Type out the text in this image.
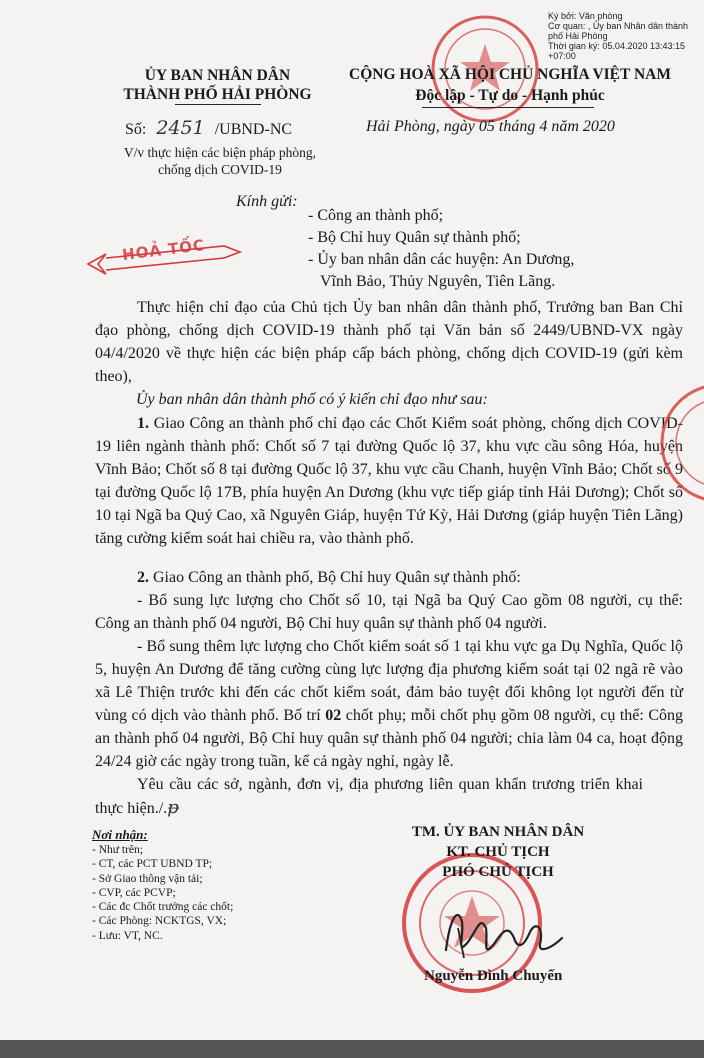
Ký bởi: Văn phòng
Cơ quan: , Ủy ban Nhân dân thành
phố Hải Phòng
Thời gian ký: 05.04.2020 13:43:15
+07:00
ỦY BAN NHÂN DÂN
THÀNH PHỐ HẢI PHÒNG
CỘNG HOÀ XÃ HỘI CHỦ NGHĨA VIỆT NAM
Độc lập - Tự do - Hạnh phúc
Số: 2451 /UBND-NC	Hải Phòng, ngày 05 tháng 4 năm 2020
V/v thực hiện các biện pháp phòng,
chống dịch COVID-19
Kính gửi:
HOẢ TỐC
- Công an thành phố;
- Bộ Chỉ huy Quân sự thành phố;
- Ủy ban nhân dân các huyện: An Dương,
Vĩnh Bảo, Thủy Nguyên, Tiên Lãng.
Thực hiện chỉ đạo của Chủ tịch Ủy ban nhân dân thành phố, Trưởng ban Ban Chỉ đạo phòng, chống dịch COVID-19 thành phố tại Văn bản số 2449/UBND-VX ngày 04/4/2020 về thực hiện các biện pháp cấp bách phòng, chống dịch COVID-19 (gửi kèm theo),
Ủy ban nhân dân thành phố có ý kiến chỉ đạo như sau:
1. Giao Công an thành phố chỉ đạo các Chốt Kiểm soát phòng, chống dịch COVID-19 liên ngành thành phố: Chốt số 7 tại đường Quốc lộ 37, khu vực cầu sông Hóa, huyện Vĩnh Bảo; Chốt số 8 tại đường Quốc lộ 37, khu vực cầu Chanh, huyện Vĩnh Bảo; Chốt số 9 tại đường Quốc lộ 17B, phía huyện An Dương (khu vực tiếp giáp tỉnh Hải Dương); Chốt số 10 tại Ngã ba Quý Cao, xã Nguyên Giáp, huyện Tứ Kỳ, Hải Dương (giáp huyện Tiên Lãng) tăng cường kiểm soát hai chiều ra, vào thành phố.
2. Giao Công an thành phố, Bộ Chỉ huy Quân sự thành phố:
- Bổ sung lực lượng cho Chốt số 10, tại Ngã ba Quý Cao gồm 08 người, cụ thể: Công an thành phố 04 người, Bộ Chỉ huy quân sự thành phố 04 người.
- Bổ sung thêm lực lượng cho Chốt kiểm soát số 1 tại khu vực ga Dụ Nghĩa, Quốc lộ 5, huyện An Dương để tăng cường cùng lực lượng địa phương kiểm soát tại 02 ngã rẽ vào xã Lê Thiện trước khi đến các chốt kiểm soát, đảm bảo tuyệt đối không lọt người đến từ vùng có dịch vào thành phố. Bố trí 02 chốt phụ; mỗi chốt phụ gồm 08 người, cụ thể: Công an thành phố 04 người, Bộ Chỉ huy quân sự thành phố 04 người; chia làm 04 ca, hoạt động 24/24 giờ các ngày trong tuần, kể cả ngày nghỉ, ngày lễ.
Yêu cầu các sở, ngành, đơn vị, địa phương liên quan khẩn trương triển khai thực hiện./.ᵽ
Nơi nhận:
- Như trên;
- CT, các PCT UBND TP;
- Sở Giao thông vận tải;
- CVP, các PCVP;
- Các đc Chốt trưởng các chốt;
- Các Phòng: NCKTGS, VX;
- Lưu: VT, NC.
TM. ỦY BAN NHÂN DÂN
KT. CHỦ TỊCH
PHÓ CHỦ TỊCH
Nguyễn Đình Chuyến
